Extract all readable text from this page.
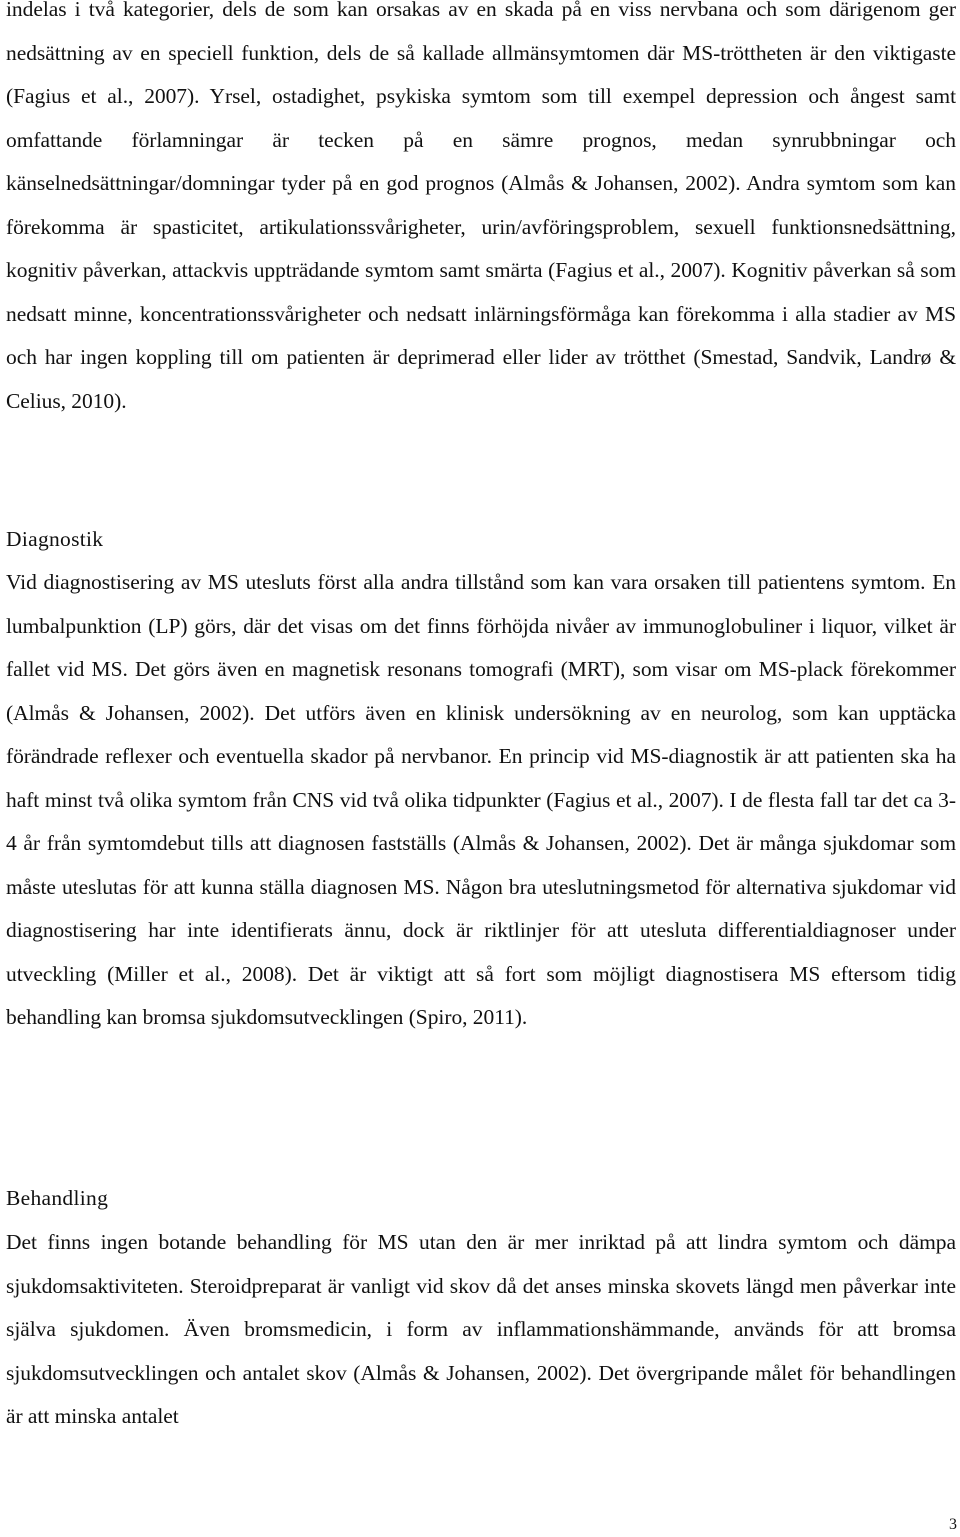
indelas i två kategorier, dels de som kan orsakas av en skada på en viss nervbana och som därigenom ger nedsättning av en speciell funktion, dels de så kallade allmänsymtomen där MS-tröttheten är den viktigaste (Fagius et al., 2007). Yrsel, ostadighet, psykiska symtom som till exempel depression och ångest samt omfattande förlamningar är tecken på en sämre prognos, medan synrubbningar och känselnedsättningar/domningar tyder på en god prognos (Almås & Johansen, 2002). Andra symtom som kan förekomma är spasticitet, artikulationssvårigheter, urin/avföringsproblem, sexuell funktionsnedsättning, kognitiv påverkan, attackvis uppträdande symtom samt smärta (Fagius et al., 2007). Kognitiv påverkan så som nedsatt minne, koncentrationssvårigheter och nedsatt inlärningsförmåga kan förekomma i alla stadier av MS och har ingen koppling till om patienten är deprimerad eller lider av trötthet (Smestad, Sandvik, Landrø & Celius, 2010).

Diagnostik

Vid diagnostisering av MS utesluts först alla andra tillstånd som kan vara orsaken till patientens symtom. En lumbalpunktion (LP) görs, där det visas om det finns förhöjda nivåer av immunoglobuliner i liquor, vilket är fallet vid MS. Det görs även en magnetisk resonans tomografi (MRT), som visar om MS-plack förekommer (Almås & Johansen, 2002). Det utförs även en klinisk undersökning av en neurolog, som kan upptäcka förändrade reflexer och eventuella skador på nervbanor. En princip vid MS-diagnostik är att patienten ska ha haft minst två olika symtom från CNS vid två olika tidpunkter (Fagius et al., 2007). I de flesta fall tar det ca 3-4 år från symtomdebut tills att diagnosen fastställs (Almås & Johansen, 2002). Det är många sjukdomar som måste uteslutas för att kunna ställa diagnosen MS. Någon bra uteslutningsmetod för alternativa sjukdomar vid diagnostisering har inte identifierats ännu, dock är riktlinjer för att utesluta differentialdiagnoser under utveckling (Miller et al., 2008). Det är viktigt att så fort som möjligt diagnostisera MS eftersom tidig behandling kan bromsa sjukdomsutvecklingen (Spiro, 2011).

Behandling

Det finns ingen botande behandling för MS utan den är mer inriktad på att lindra symtom och dämpa sjukdomsaktiviteten. Steroidpreparat är vanligt vid skov då det anses minska skovets längd men påverkar inte själva sjukdomen. Även bromsmedicin, i form av inflammationshämmande, används för att bromsa sjukdomsutvecklingen och antalet skov (Almås & Johansen, 2002). Det övergripande målet för behandlingen är att minska antalet

3
